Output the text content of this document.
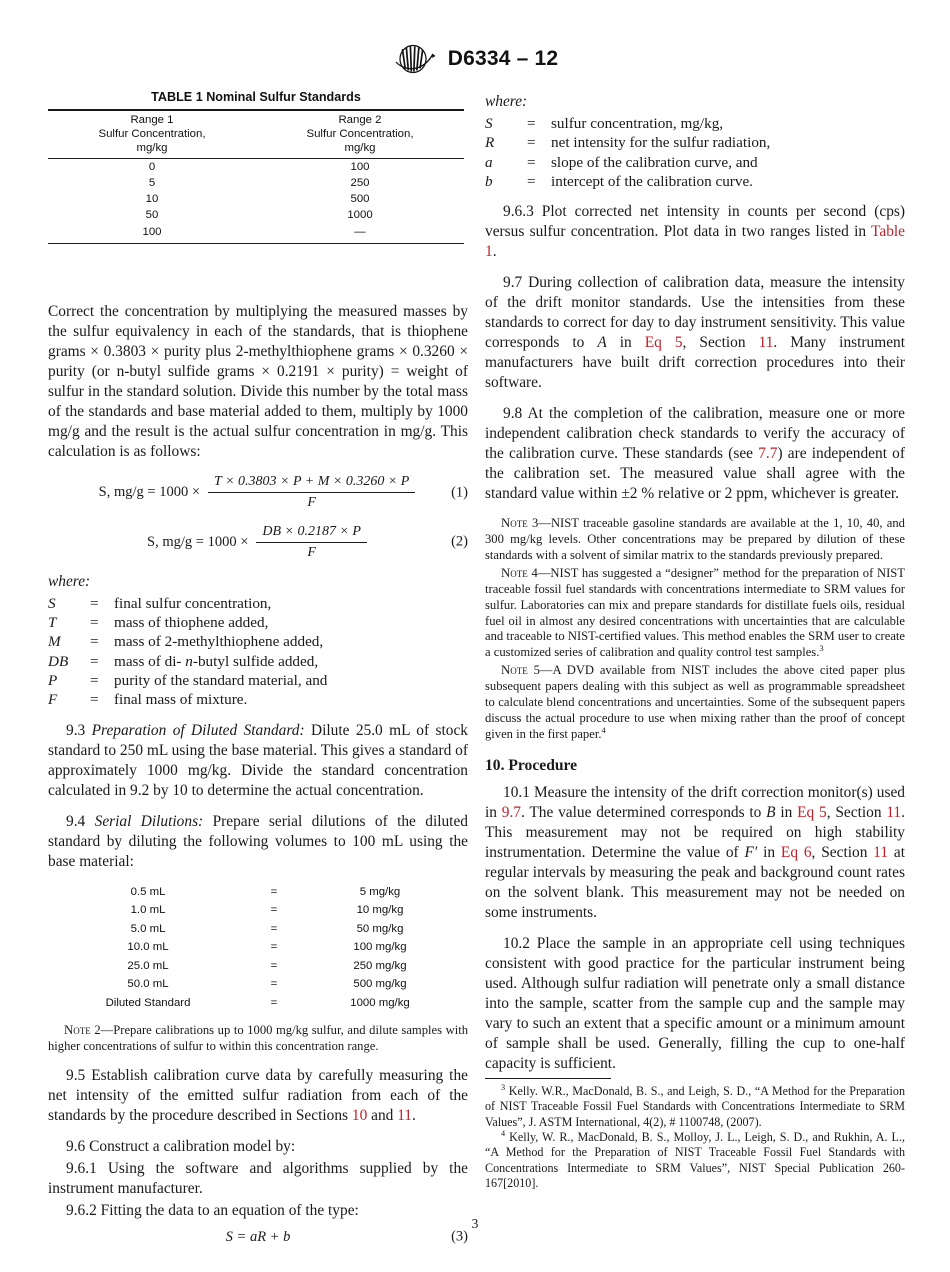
D6334 – 12
TABLE 1 Nominal Sulfur Standards
Range 1
Sulfur Concentration,
mg/kg

Range 2
Sulfur Concentration,
mg/kg

0	100
5	250
10	500
50	1000
100	—

Correct the concentration by multiplying the measured masses by the sulfur equivalency in each of the standards, that is thiophene grams × 0.3803 × purity plus 2-methylthiophene grams × 0.3260 × purity (or n-butyl sulfide grams × 0.2191 × purity) = weight of sulfur in the standard solution. Divide this number by the total mass of the standards and base material added to them, multiply by 1000 mg/g and the result is the actual sulfur concentration in mg/g. This calculation is as follows:

S, $mg/g = 1000 \times \frac{T \times 0.3803 \times P + M \times 0.3260 \times P}{F} (1)$
S, $mg/g = 1000 \times \frac{DB \times 0.2187 \times P}{F}$	(2)
where:
S	=	final sulfur concentration,
T	=	mass of thiophene added,
M	=	mass of 2-methylthiophene added,
DB	=	mass of di- n-butyl sulfide added,
P	=	purity of the standard material, and
F	=	final mass of mixture.

9.3 Preparation of Diluted Standard: Dilute 25.0 mL of stock standard to 250 mL using the base material. This gives a standard of approximately 1000 mg/kg. Divide the standard concentration calculated in 9.2 by 10 to determine the actual concentration.

9.4 Serial Dilutions: Prepare serial dilutions of the diluted standard by diluting the following volumes to 100 mL using the base material:

0.5 mL	=	5 mg/kg
1.0 mL	=	10 mg/kg
5.0 mL	=	50 mg/kg
10.0 mL	=	100 mg/kg
25.0 mL	=	250 mg/kg
50.0 mL	=	500 mg/kg
Diluted Standard	=	1000 mg/kg

Note 2—Prepare calibrations up to 1000 mg/kg sulfur, and dilute samples with higher concentrations of sulfur to within this concentration range.

9.5 Establish calibration curve data by carefully measuring the net intensity of the emitted sulfur radiation from each of the standards by the procedure described in Sections 10 and 11.

9.6 Construct a calibration model by:

9.6.1 Using the software and algorithms supplied by the instrument manufacturer.

9.6.2 Fitting the data to an equation of the type:

S = aR + b	(3)
where:
S	=	sulfur concentration, mg/kg,
R	=	net intensity for the sulfur radiation,
a	=	slope of the calibration curve, and
b	=	intercept of the calibration curve.

9.6.3 Plot corrected net intensity in counts per second (cps) versus sulfur concentration. Plot data in two ranges listed in Table 1.

9.7 During collection of calibration data, measure the intensity of the drift monitor standards. Use the intensities from these standards to correct for day to day instrument sensitivity. This value corresponds to A in Eq 5, Section 11. Many instrument manufacturers have built drift correction procedures into their software.

9.8 At the completion of the calibration, measure one or more independent calibration check standards to verify the accuracy of the calibration curve. These standards (see 7.7) are independent of the calibration set. The measured value shall agree with the standard value within ±2 % relative or 2 ppm, whichever is greater.

Note 3—NIST traceable gasoline standards are available at the 1, 10, 40, and 300 mg/kg levels. Other concentrations may be prepared by dilution of these standards with a solvent of similar matrix to the standards previously prepared.

Note 4—NIST has suggested a “designer” method for the preparation of NIST traceable fossil fuel standards with concentrations intermediate to SRM values for sulfur. Laboratories can mix and prepare standards for distillate fuels oils, residual fuel oil in almost any desired concentrations with uncertainties that are calculable and traceable to NIST-certified values. This method enables the SRM user to create a customized series of calibration and quality control test samples.$^3$

Note 5—A DVD available from NIST includes the above cited paper plus subsequent papers dealing with this subject as well as programmable spreadsheet to calculate blend concentrations and uncertainties. Some of the subsequent papers discuss the actual procedure to use when mixing rather than the proof of concept given in the first paper.$^4$

10. Procedure

10.1 Measure the intensity of the drift correction monitor(s) used in 9.7. The value determined corresponds to B in Eq 5, Section 11. This measurement may not be required on high stability instrumentation. Determine the value of F′ in Eq 6, Section 11 at regular intervals by measuring the peak and background count rates on the solvent blank. This measurement may not be needed on some instruments.

10.2 Place the sample in an appropriate cell using techniques consistent with good practice for the particular instrument being used. Although sulfur radiation will penetrate only a small distance into the sample, scatter from the sample cup and the sample may vary to such an extent that a specific amount or a minimum amount of sample shall be used. Generally, filling the cup to one-half capacity is sufficient.

$^3$ Kelly. W.R., MacDonald, B. S., and Leigh, S. D., “A Method for the Preparation of NIST Traceable Fossil Fuel Standards with Concentrations Intermediate to SRM Values”, J. ASTM International, 4(2), # 1100748, (2007).

$^4$ Kelly, W. R., MacDonald, B. S., Molloy, J. L., Leigh, S. D., and Rukhin, A. L., “A Method for the Preparation of NIST Traceable Fossil Fuel Standards with Concentrations Intermediate to SRM Values”, NIST Special Publication 260-167[2010].

3
